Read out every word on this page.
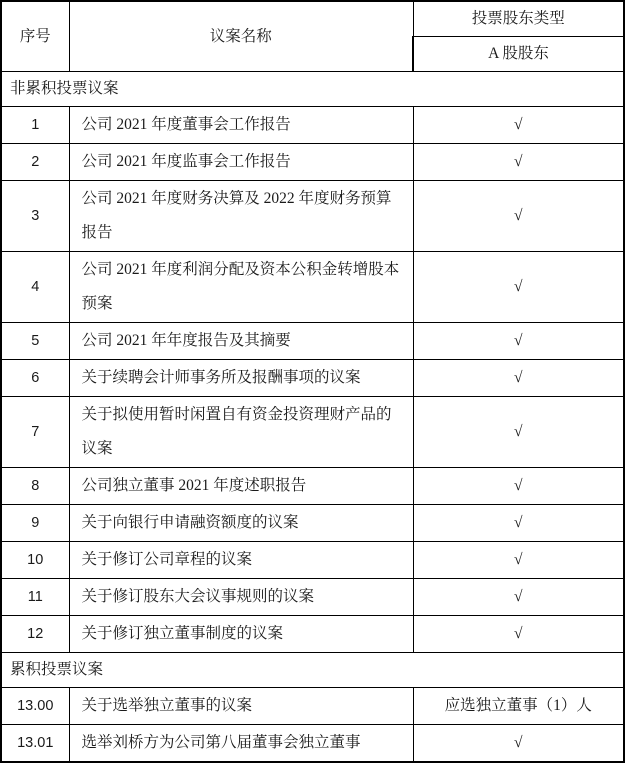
序号	议案名称	投票股东类型
		A 股股东
非累积投票议案		
1	公司 2021 年度董事会工作报告	√
2	公司 2021 年度监事会工作报告	√
3	公司 2021 年度财务决算及 2022 年度财务预算报告	√
4	公司 2021 年度利润分配及资本公积金转增股本预案	√
5	公司 2021 年年度报告及其摘要	√
6	关于续聘会计师事务所及报酬事项的议案	√
7	关于拟使用暂时闲置自有资金投资理财产品的议案	√
8	公司独立董事 2021 年度述职报告	√
9	关于向银行申请融资额度的议案	√
10	关于修订公司章程的议案	√
11	关于修订股东大会议事规则的议案	√
12	关于修订独立董事制度的议案	√
累积投票议案		
13.00	关于选举独立董事的议案	应选独立董事（1）人
13.01	选举刘桥方为公司第八届董事会独立董事	√
